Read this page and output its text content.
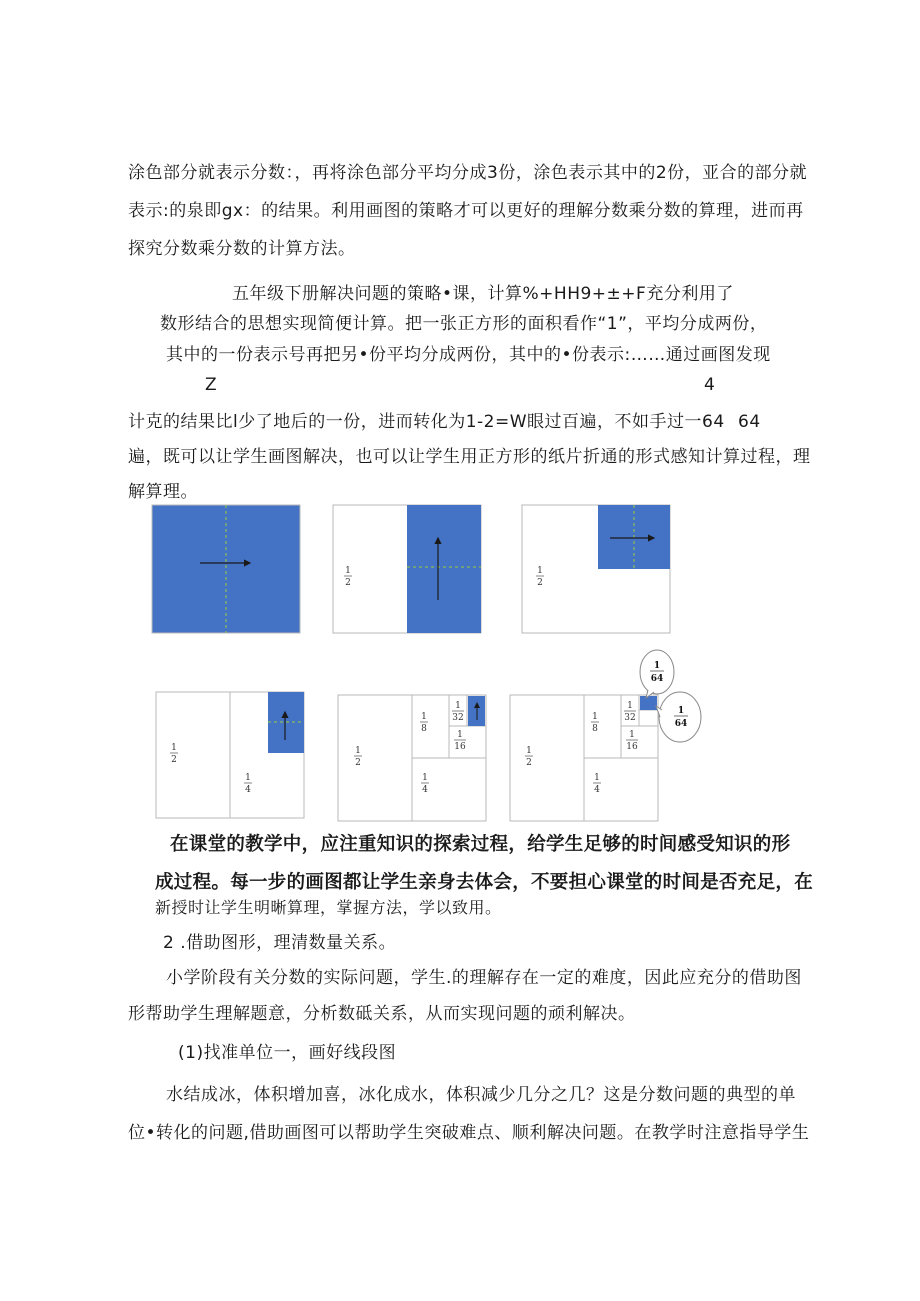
涂色部分就表示分数：，再将涂色部分平均分成3份，涂色表示其中的2份，亚合的部分就
表示:的泉即gx：的结果。利用画图的策略才可以更好的理解分数乘分数的算理，进而再
探究分数乘分数的计算方法。
五年级下册解决问题的策略•课，计算%+HH9+±+F充分利用了
数形结合的思想实现简便计算。把一张正方形的面积看作“1”，平均分成两份，
其中的一份表示号再把另•份平均分成两份，其中的•份表示:……通过画图发现
Z	4
计克的结果比l少了地后的一份，进而转化为1-2=W眼过百遍，不如手过一64 64
遍，既可以让学生画图解决，也可以让学生用正方形的纸片折通的形式感知计算过程，理
解算理。
1
2
1
2
1
2
1
4
1
2
1
8
1
32
1
16
1
4
1
2
1
8
1
32
1
16
1
4
1
64
1
64
在课堂的教学中，应注重知识的探索过程，给学生足够的时间感受知识的形
成过程。每一步的画图都让学生亲身去体会，不要担心课堂的时间是否充足，在
新授时让学生明晰算理，掌握方法，学以致用。
2 .借助图形，理清数量关系。
小学阶段有关分数的实际问题，学生.的理解存在一定的难度，因此应充分的借助图
形帮助学生理解题意，分析数砥关系，从而实现问题的顽利解决。
(1)找准单位一，画好线段图
水结成冰，体积增加喜，冰化成水，体积减少几分之几？这是分数问题的典型的单
位•转化的问题,借助画图可以帮助学生突破难点、顺利解决问题。在教学时注意指导学生
